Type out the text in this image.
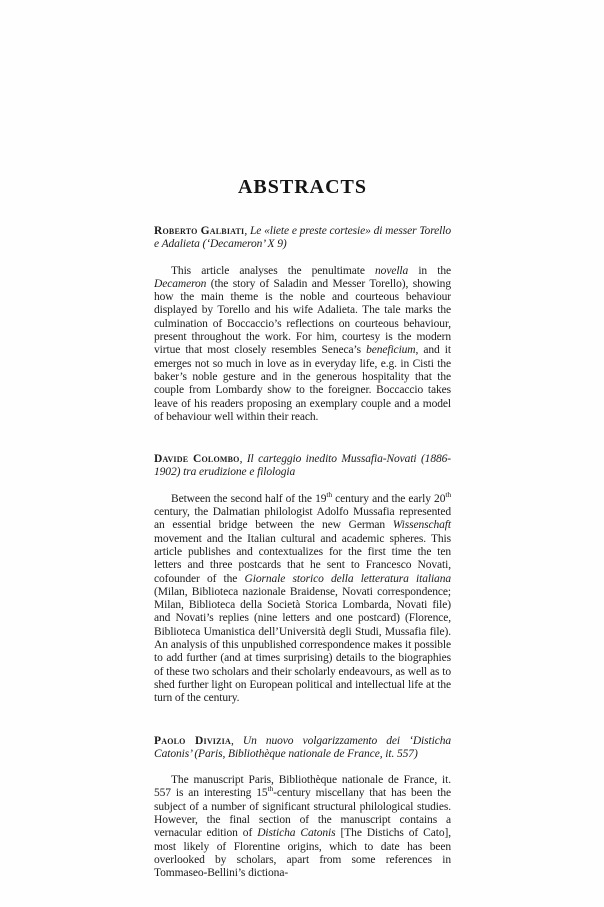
ABSTRACTS
Roberto Galbiati, Le «liete e preste cortesie» di messer Torello e Adalieta (‘Decameron’ X 9)

This article analyses the penultimate novella in the Decameron (the story of Saladin and Messer Torello), showing how the main theme is the noble and courteous behaviour displayed by Torello and his wife Adalieta. The tale marks the culmination of Boccaccio’s reflections on courteous behaviour, present throughout the work. For him, courtesy is the modern virtue that most closely resembles Seneca’s beneficium, and it emerges not so much in love as in everyday life, e.g. in Cisti the baker’s noble gesture and in the generous hospitality that the couple from Lombardy show to the foreigner. Boccaccio takes leave of his readers proposing an exemplary couple and a model of behaviour well within their reach.

Davide Colombo, Il carteggio inedito Mussafia-Novati (1886-1902) tra erudizione e filologia

Between the second half of the 19th century and the early 20th century, the Dalmatian philologist Adolfo Mussafia represented an essential bridge between the new German Wissenschaft movement and the Italian cultural and academic spheres. This article publishes and contextualizes for the first time the ten letters and three postcards that he sent to Francesco Novati, cofounder of the Giornale storico della letteratura italiana (Milan, Biblioteca nazionale Braidense, Novati correspondence; Milan, Biblioteca della Società Storica Lombarda, Novati file) and Novati’s replies (nine letters and one postcard) (Florence, Biblioteca Umanistica dell’Università degli Studi, Mussafia file). An analysis of this unpublished correspondence makes it possible to add further (and at times surprising) details to the biographies of these two scholars and their scholarly endeavours, as well as to shed further light on European political and intellectual life at the turn of the century.

Paolo Divizia, Un nuovo volgarizzamento dei ‘Disticha Catonis’ (Paris, Bibliothèque nationale de France, it. 557)

The manuscript Paris, Bibliothèque nationale de France, it. 557 is an interesting 15th-century miscellany that has been the subject of a number of significant structural philological studies. However, the final section of the manuscript contains a vernacular edition of Disticha Catonis [The Distichs of Cato], most likely of Florentine origins, which to date has been overlooked by scholars, apart from some references in Tommaseo-Bellini’s dictiona-
